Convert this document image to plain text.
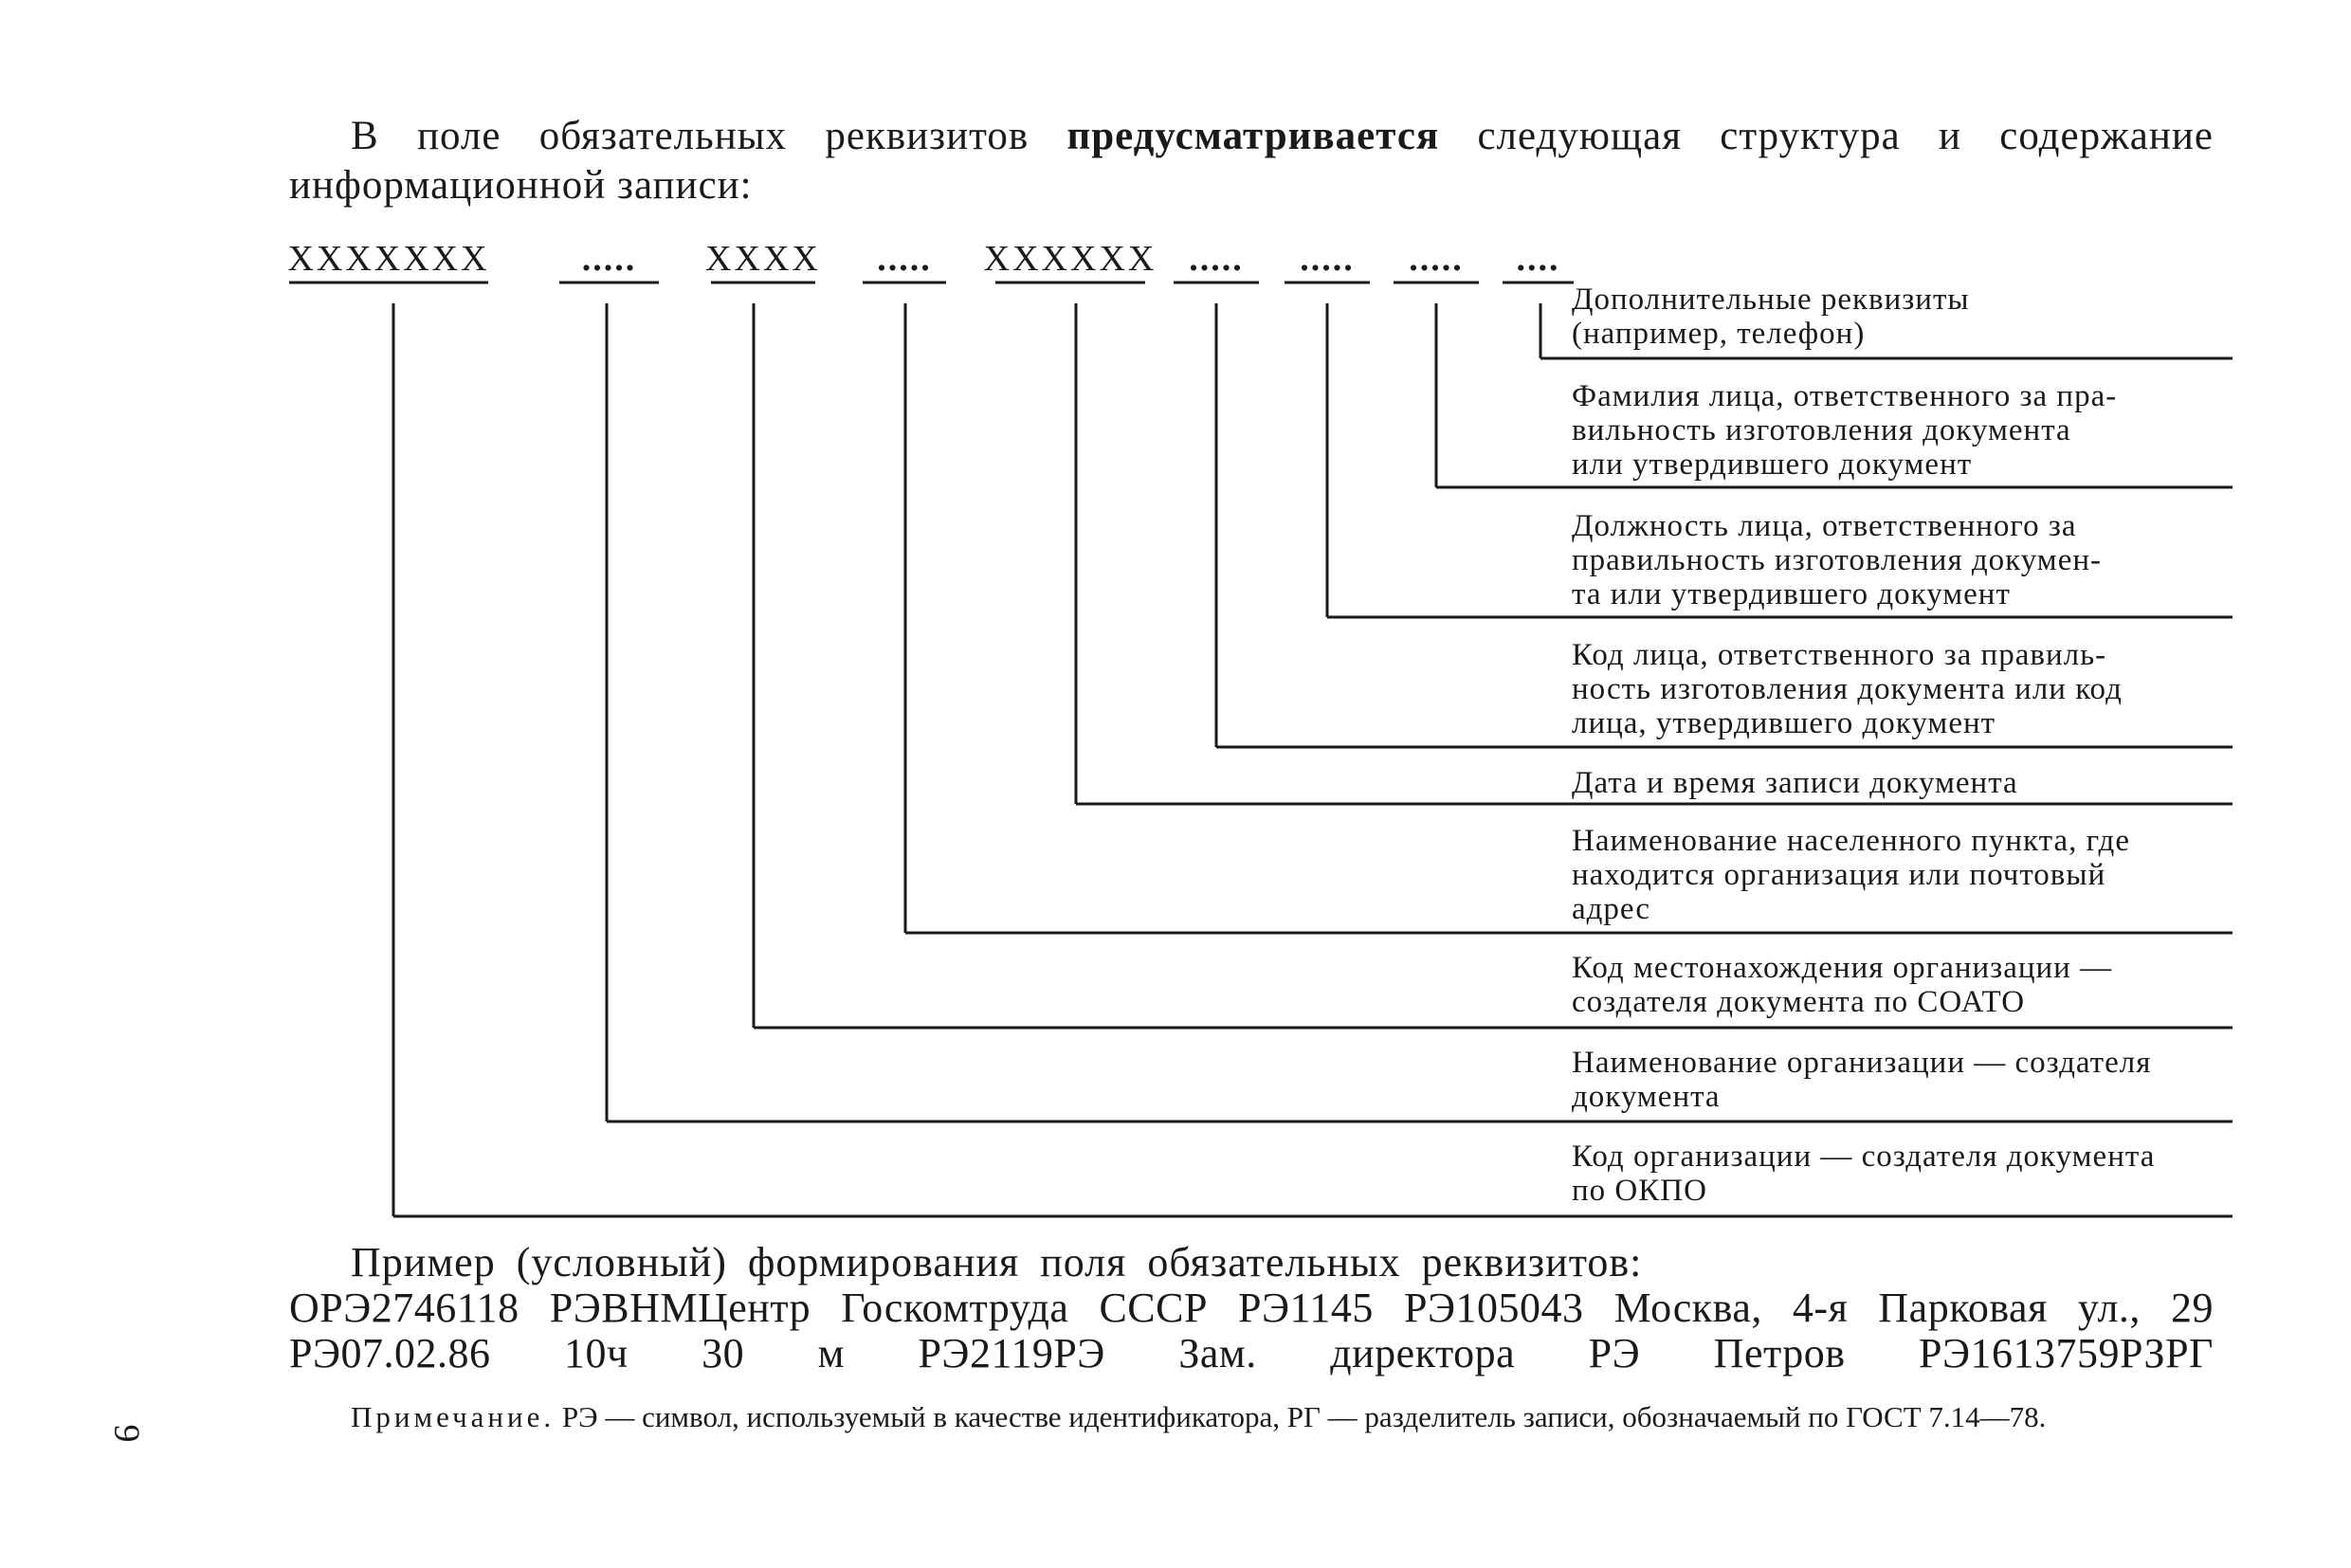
В поле обязательных реквизитов предусматривается следующая структура и содержание информационной записи:

XXXXXXX	..... XXXX ..... XXXXXX ..... ..... ..... ....
Дополнительные реквизиты (например, телефон)
Фамилия лица, ответственного за пра-вильность изготовления документа или утвердившего документ
Должность лица, ответственного за правильность изготовления докумен-та или утвердившего документ
Код лица, ответственного за правиль-ность изготовления документа или код лица, утвердившего документ
Дата и время записи документа
Наименование населенного пункта, где находится организация или почтовый адрес
Код местонахождения организации — создателя документа по СОАТО
Наименование организации — создателя документа
Код организации — создателя документа по ОКПО
Пример (условный) формирования поля обязательных реквизитов:
ОРЭ2746118 РЭВНМЦентр Госкомтруда СССР РЭ1145 РЭ105043 Москва, 4-я Парковая ул., 29
РЭ07.02.86 10ч 30 м РЭ2119РЭ Зам. директора РЭ Петров РЭ1613759РЗРГ

Примечание. РЭ — символ, используемый в качестве идентификатора, РГ — разделитель записи, обозначаемый по ГОСТ 7.14—78.

9
